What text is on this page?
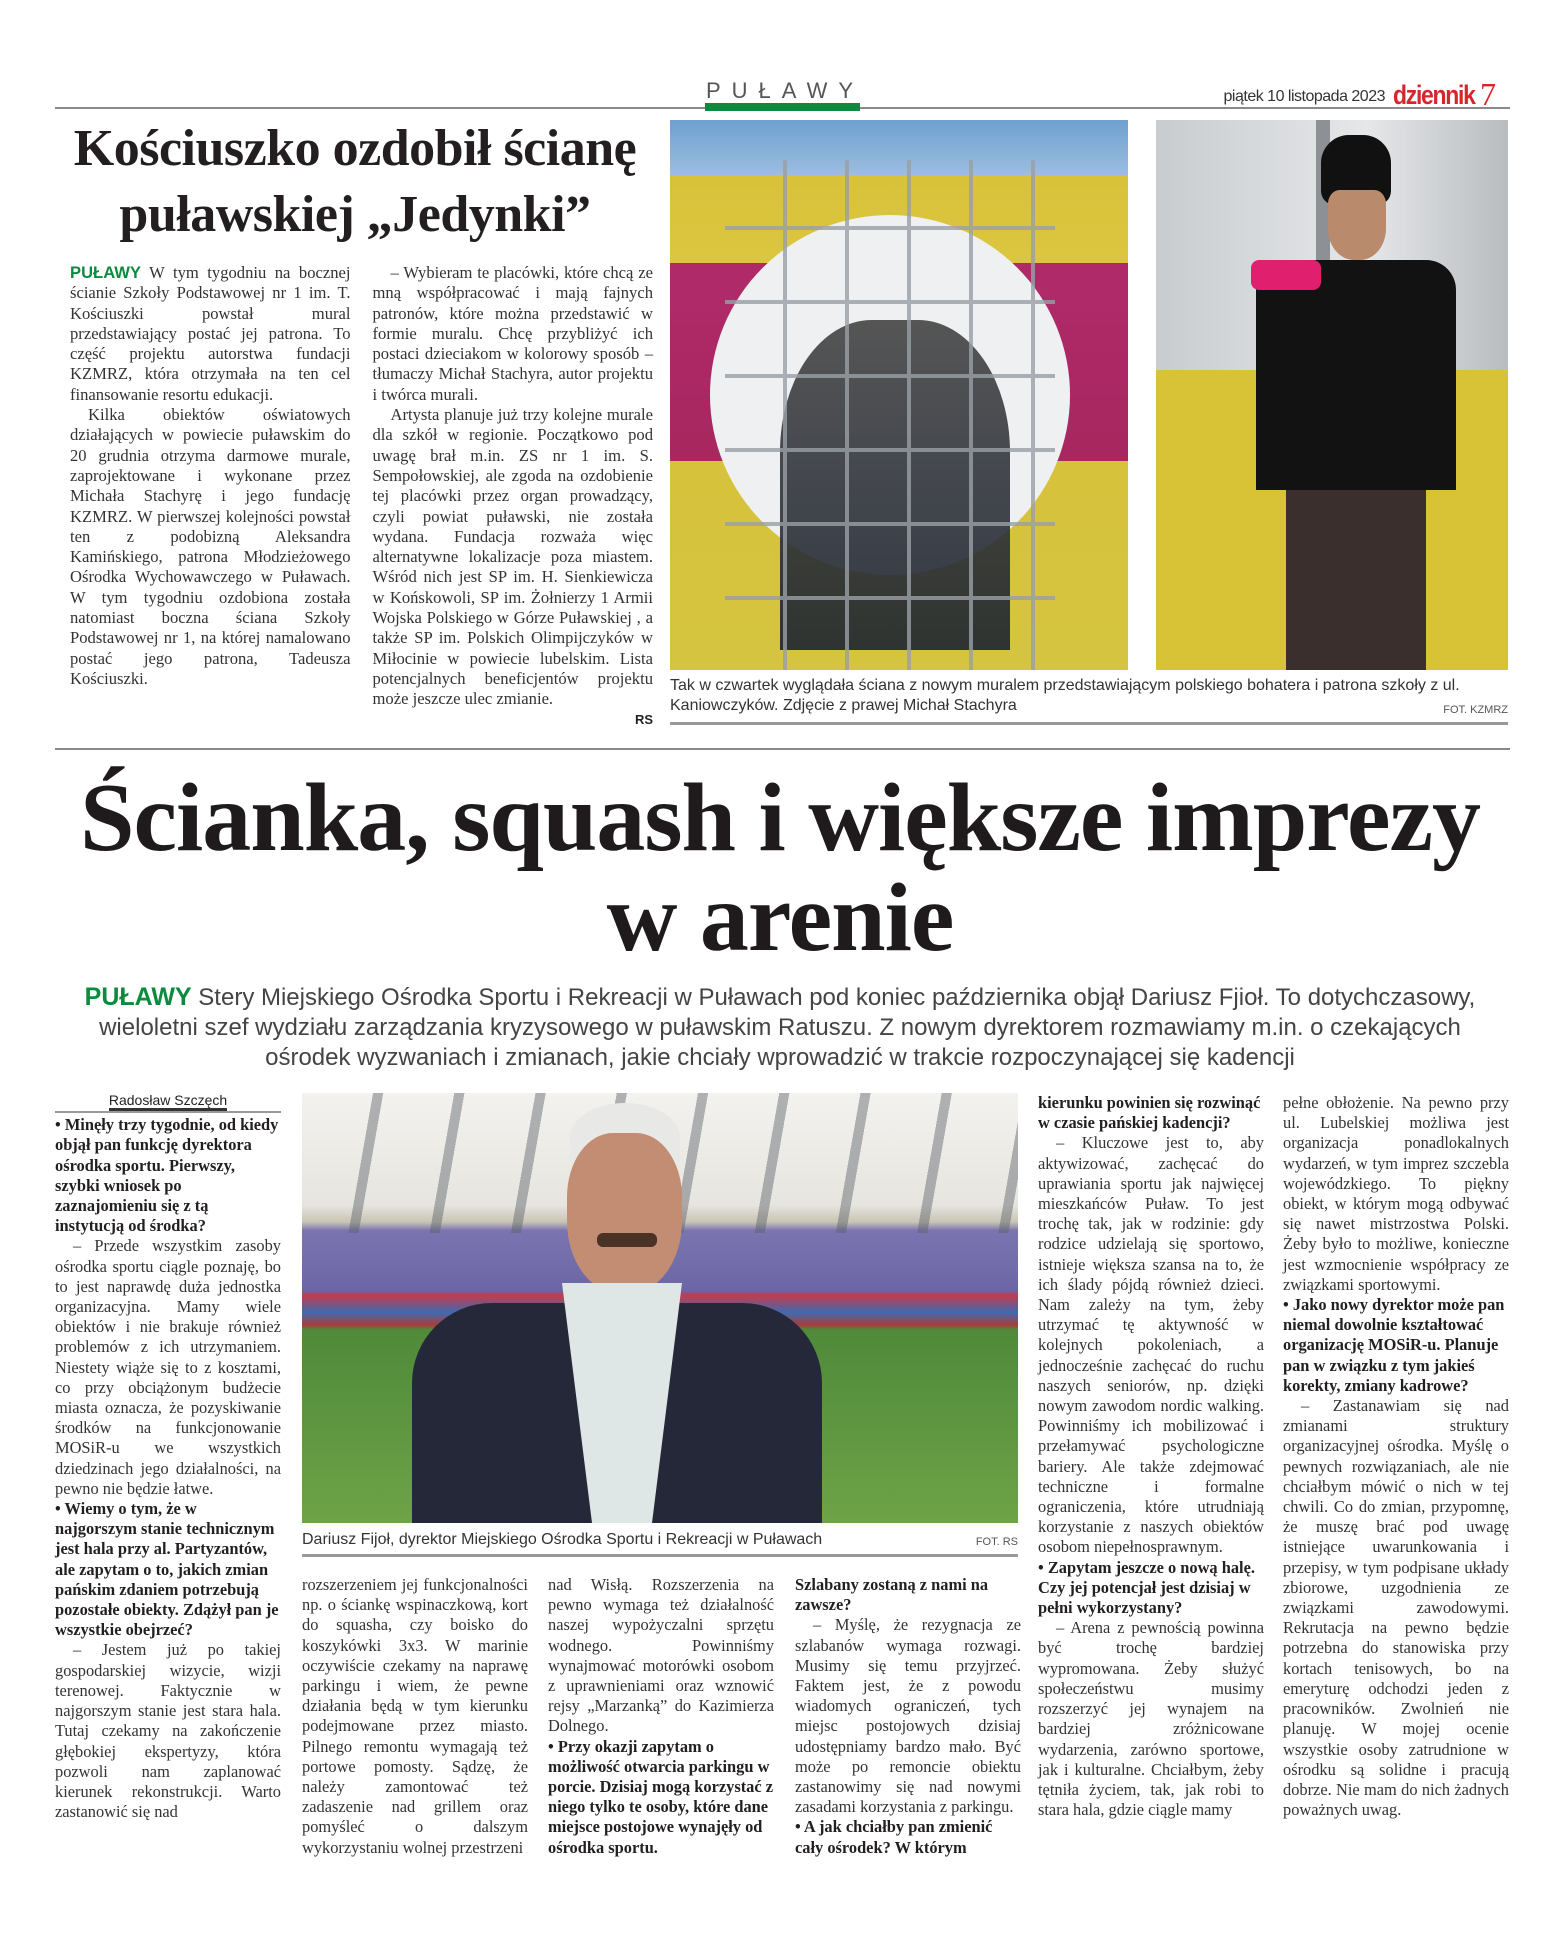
PUŁAWY	piątek 10 listopada 2023 dziennik 7
Kościuszko ozdobił ścianę puławskiej „Jedynki”

PUŁAWY W tym tygodniu na bocznej ścianie Szkoły Podstawowej nr 1 im. T. Kościuszki powstał mural przedstawiający postać jej patrona. To część projektu autorstwa fundacji KZMRZ, która otrzymała na ten cel finansowanie resortu edukacji.

Kilka obiektów oświatowych działających w powiecie puławskim do 20 grudnia otrzyma darmowe murale, zaprojektowane i wykonane przez Michała Stachyrę i jego fundację KZMRZ. W pierwszej kolejności powstał ten z podobizną Aleksandra Kamińskiego, patrona Młodzieżowego Ośrodka Wychowawczego w Puławach. W tym tygodniu ozdobiona została natomiast boczna ściana Szkoły Podstawowej nr 1, na której namalowano postać jego patrona, Tadeusza Kościuszki.

– Wybieram te placówki, które chcą ze mną współpracować i mają fajnych patronów, które można przedstawić w formie muralu. Chcę przybliżyć ich postaci dzieciakom w kolorowy sposób – tłumaczy Michał Stachyra, autor projektu i twórca murali.

Artysta planuje już trzy kolejne murale dla szkół w regionie. Początkowo pod uwagę brał m.in. ZS nr 1 im. S. Sempołowskiej, ale zgoda na ozdobienie tej placówki przez organ prowadzący, czyli powiat puławski, nie została wydana. Fundacja rozważa więc alternatywne lokalizacje poza miastem. Wśród nich jest SP im. H. Sienkiewicza w Końskowoli, SP im. Żołnierzy 1 Armii Wojska Polskiego w Górze Puławskiej , a także SP im. Polskich Olimpijczyków w Miłocinie w powiecie lubelskim. Lista potencjalnych beneficjentów projektu może jeszcze ulec zmianie.

RS
Tak w czwartek wyglądała ściana z nowym muralem przedstawiającym polskiego bohatera i patrona szkoły z ul. Kaniowczyków. Zdjęcie z prawej Michał Stachyra	FOT. KZMRZ
Ścianka, squash i większe imprezy w arenie
PUŁAWY Stery Miejskiego Ośrodka Sportu i Rekreacji w Puławach pod koniec października objął Dariusz Fjioł. To dotychczasowy, wieloletni szef wydziału zarządzania kryzysowego w puławskim Ratuszu. Z nowym dyrektorem rozmawiamy m.in. o czekających ośrodek wyzwaniach i zmianach, jakie chciały wprowadzić w trakcie rozpoczynającej się kadencji
Radosław Szczęch

• Minęły trzy tygodnie, od kiedy objął pan funkcję dyrektora ośrodka sportu. Pierwszy, szybki wniosek po zaznajomieniu się z tą instytucją od środka?

– Przede wszystkim zasoby ośrodka sportu ciągle poznaję, bo to jest naprawdę duża jednostka organizacyjna. Mamy wiele obiektów i nie brakuje również problemów z ich utrzymaniem. Niestety wiąże się to z kosztami, co przy obciążonym budżecie miasta oznacza, że pozyskiwanie środków na funkcjonowanie MOSiR-u we wszystkich dziedzinach jego działalności, na pewno nie będzie łatwe.

• Wiemy o tym, że w najgorszym stanie technicznym jest hala przy al. Partyzantów, ale zapytam o to, jakich zmian pańskim zdaniem potrzebują pozostałe obiekty. Zdążył pan je wszystkie obejrzeć?

– Jestem już po takiej gospodarskiej wizycie, wizji terenowej. Faktycznie w najgorszym stanie jest stara hala. Tutaj czekamy na zakończenie głębokiej ekspertyzy, która pozwoli nam zaplanować kierunek rekonstrukcji. Warto zastanowić się nad

Dariusz Fijoł, dyrektor Miejskiego Ośrodka Sportu i Rekreacji w Puławach	FOT. RS

rozszerzeniem jej funkcjonalności np. o ściankę wspinaczkową, kort do squasha, czy boisko do koszykówki 3x3. W marinie oczywiście czekamy na naprawę parkingu i wiem, że pewne działania będą w tym kierunku podejmowane przez miasto. Pilnego remontu wymagają też portowe pomosty. Sądzę, że należy zamontować też zadaszenie nad grillem oraz pomyśleć o dalszym wykorzystaniu wolnej przestrzeni

nad Wisłą. Rozszerzenia na pewno wymaga też działalność naszej wypożyczalni sprzętu wodnego. Powinniśmy wynajmować motorówki osobom z uprawnieniami oraz wznowić rejsy „Marzanką” do Kazimierza Dolnego.

• Przy okazji zapytam o możliwość otwarcia parkingu w porcie. Dzisiaj mogą korzystać z niego tylko te osoby, które dane miejsce postojowe wynajęły od ośrodka sportu.

Szlabany zostaną z nami na zawsze?

– Myślę, że rezygnacja ze szlabanów wymaga rozwagi. Musimy się temu przyjrzeć. Faktem jest, że z powodu wiadomych ograniczeń, tych miejsc postojowych dzisiaj udostępniamy bardzo mało. Być może po remoncie obiektu zastanowimy się nad nowymi zasadami korzystania z parkingu.

• A jak chciałby pan zmienić cały ośrodek? W którym

kierunku powinien się rozwinąć w czasie pańskiej kadencji?

– Kluczowe jest to, aby aktywizować, zachęcać do uprawiania sportu jak najwięcej mieszkańców Puław. To jest trochę tak, jak w rodzinie: gdy rodzice udzielają się sportowo, istnieje większa szansa na to, że ich ślady pójdą również dzieci. Nam zależy na tym, żeby utrzymać tę aktywność w kolejnych pokoleniach, a jednocześnie zachęcać do ruchu naszych seniorów, np. dzięki nowym zawodom nordic walking. Powinniśmy ich mobilizować i przełamywać psychologiczne bariery. Ale także zdejmować techniczne i formalne ograniczenia, które utrudniają korzystanie z naszych obiektów osobom niepełnosprawnym.

• Zapytam jeszcze o nową halę. Czy jej potencjał jest dzisiaj w pełni wykorzystany?

– Arena z pewnością powinna być trochę bardziej wypromowana. Żeby służyć społeczeństwu musimy rozszerzyć jej wynajem na bardziej zróżnicowane wydarzenia, zarówno sportowe, jak i kulturalne. Chciałbym, żeby tętniła życiem, tak, jak robi to stara hala, gdzie ciągle mamy

pełne obłożenie. Na pewno przy ul. Lubelskiej możliwa jest organizacja ponadlokalnych wydarzeń, w tym imprez szczebla wojewódzkiego. To piękny obiekt, w którym mogą odbywać się nawet mistrzostwa Polski. Żeby było to możliwe, konieczne jest wzmocnienie współpracy ze związkami sportowymi.

• Jako nowy dyrektor może pan niemal dowolnie kształtować organizację MOSiR-u. Planuje pan w związku z tym jakieś korekty, zmiany kadrowe?

– Zastanawiam się nad zmianami struktury organizacyjnej ośrodka. Myślę o pewnych rozwiązaniach, ale nie chciałbym mówić o nich w tej chwili. Co do zmian, przypomnę, że muszę brać pod uwagę istniejące uwarunkowania i przepisy, w tym podpisane układy zbiorowe, uzgodnienia ze związkami zawodowymi. Rekrutacja na pewno będzie potrzebna do stanowiska przy kortach tenisowych, bo na emeryturę odchodzi jeden z pracowników. Zwolnień nie planuję. W mojej ocenie wszystkie osoby zatrudnione w ośrodku są solidne i pracują dobrze. Nie mam do nich żadnych poważnych uwag.
